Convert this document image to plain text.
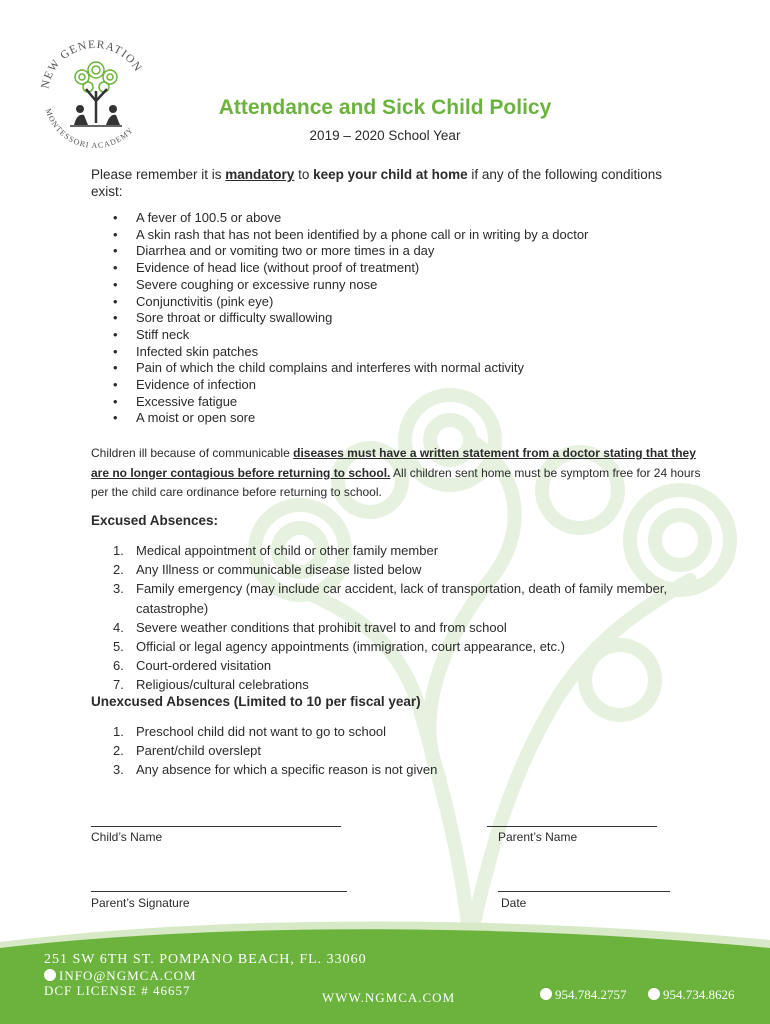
NEW GENERATION
MONTESSORI ACADEMY
Attendance and Sick Child Policy
2019 – 2020 School Year
Please remember it is mandatory to keep your child at home if any of the following conditions exist:
• A fever of 100.5 or above
• A skin rash that has not been identified by a phone call or in writing by a doctor
• Diarrhea and or vomiting two or more times in a day
• Evidence of head lice (without proof of treatment)
• Severe coughing or excessive runny nose
• Conjunctivitis (pink eye)
• Sore throat or difficulty swallowing
• Stiff neck
• Infected skin patches
• Pain of which the child complains and interferes with normal activity
• Evidence of infection
• Excessive fatigue
• A moist or open sore
Children ill because of communicable diseases must have a written statement from a doctor stating that they are no longer contagious before returning to school. All children sent home must be symptom free for 24 hours per the child care ordinance before returning to school.
Excused Absences:
1. Medical appointment of child or other family member
2. Any Illness or communicable disease listed below
3. Family emergency (may include car accident, lack of transportation, death of family member, catastrophe)
4. Severe weather conditions that prohibit travel to and from school
5. Official or legal agency appointments (immigration, court appearance, etc.)
6. Court-ordered visitation
7. Religious/cultural celebrations
Unexcused Absences (Limited to 10 per fiscal year)
1. Preschool child did not want to go to school
2. Parent/child overslept
3. Any absence for which a specific reason is not given
Child’s Name	Parent’s Name
Parent’s Signature	Date
251 SW 6TH ST. POMPANO BEACH, FL. 33060
INFO@NGMCA.COM
DCF LICENSE # 46657	WWW.NGMCA.COM	954.784.2757	954.734.8626
